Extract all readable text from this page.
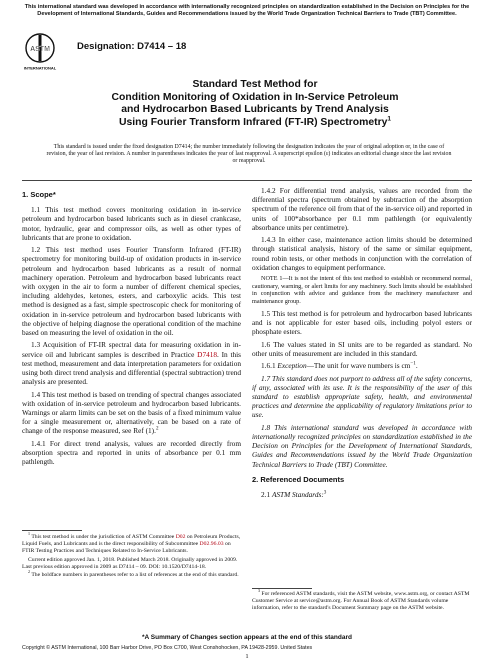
This international standard was developed in accordance with internationally recognized principles on standardization established in the Decision on Principles for the Development of International Standards, Guides and Recommendations issued by the World Trade Organization Technical Barriers to Trade (TBT) Committee.
ASTM
INTERNATIONAL
Designation: D7414 – 18
Standard Test Method for
Condition Monitoring of Oxidation in In-Service Petroleum
and Hydrocarbon Based Lubricants by Trend Analysis
Using Fourier Transform Infrared (FT-IR) Spectrometry$^1$
This standard is issued under the fixed designation D7414; the number immediately following the designation indicates the year of original adoption or, in the case of revision, the year of last revision. A number in parentheses indicates the year of last reapproval. A superscript epsilon (ε) indicates an editorial change since the last revision or reapproval.

1. Scope*

1.1 This test method covers monitoring oxidation in in-service petroleum and hydrocarbon based lubricants such as in diesel crankcase, motor, hydraulic, gear and compressor oils, as well as other types of lubricants that are prone to oxidation.

1.2 This test method uses Fourier Transform Infrared (FT-IR) spectrometry for monitoring build-up of oxidation products in in-service petroleum and hydrocarbon based lubricants as a result of normal machinery operation. Petroleum and hydrocarbon based lubricants react with oxygen in the air to form a number of different chemical species, including aldehydes, ketones, esters, and carboxylic acids. This test method is designed as a fast, simple spectroscopic check for monitoring of oxidation in in-service petroleum and hydrocarbon based lubricants with the objective of helping diagnose the operational condition of the machine based on measuring the level of oxidation in the oil.

1.3 Acquisition of FT-IR spectral data for measuring oxidation in in-service oil and lubricant samples is described in Practice D7418. In this test method, measurement and data interpretation parameters for oxidation using both direct trend analysis and differential (spectral subtraction) trend analysis are presented.

1.4 This test method is based on trending of spectral changes associated with oxidation of in-service petroleum and hydrocarbon based lubricants. Warnings or alarm limits can be set on the basis of a fixed minimum value for a single measurement or, alternatively, can be based on a rate of change of the response measured, see Ref (1).$^2$

1.4.1 For direct trend analysis, values are recorded directly from absorption spectra and reported in units of absorbance per 0.1 mm pathlength.

1.4.2 For differential trend analysis, values are recorded from the differential spectra (spectrum obtained by subtraction of the absorption spectrum of the reference oil from that of the in-service oil) and reported in units of 100*absorbance per 0.1 mm pathlength (or equivalently absorbance units per centimetre).

1.4.3 In either case, maintenance action limits should be determined through statistical analysis, history of the same or similar equipment, round robin tests, or other methods in conjunction with the correlation of oxidation changes to equipment performance.

NOTE 1—It is not the intent of this test method to establish or recommend normal, cautionary, warning, or alert limits for any machinery. Such limits should be established in conjunction with advice and guidance from the machinery manufacturer and maintenance group.

1.5 This test method is for petroleum and hydrocarbon based lubricants and is not applicable for ester based oils, including polyol esters or phosphate esters.

1.6 The values stated in SI units are to be regarded as standard. No other units of measurement are included in this standard.

1.6.1 Exception—The unit for wave numbers is $cm^{-1}$.

1.7 This standard does not purport to address all of the safety concerns, if any, associated with its use. It is the responsibility of the user of this standard to establish appropriate safety, health, and environmental practices and determine the applicability of regulatory limitations prior to use.

1.8 This international standard was developed in accordance with internationally recognized principles on standardization established in the Decision on Principles for the Development of International Standards, Guides and Recommendations issued by the World Trade Organization Technical Barriers to Trade (TBT) Committee.

2. Referenced Documents

2.1 ASTM Standards:$^3$

$^1$ This test method is under the jurisdiction of ASTM Committee D02 on Petroleum Products, Liquid Fuels, and Lubricants and is the direct responsibility of Subcommittee D02.96.03 on FTIR Testing Practices and Techniques Related to In-Service Lubricants.

Current edition approved Jan. 1, 2018. Published March 2018. Originally approved in 2009. Last previous edition approved in 2009 as D7414 – 09. DOI: 10.1520/D7414-18.

$^2$ The boldface numbers in parentheses refer to a list of references at the end of this standard.

$^3$ For referenced ASTM standards, visit the ASTM website, www.astm.org, or contact ASTM Customer Service at service@astm.org. For Annual Book of ASTM Standards volume information, refer to the standard's Document Summary page on the ASTM website.

*A Summary of Changes section appears at the end of this standard
Copyright © ASTM International, 100 Barr Harbor Drive, PO Box C700, West Conshohocken, PA 19428-2959. United States
1
